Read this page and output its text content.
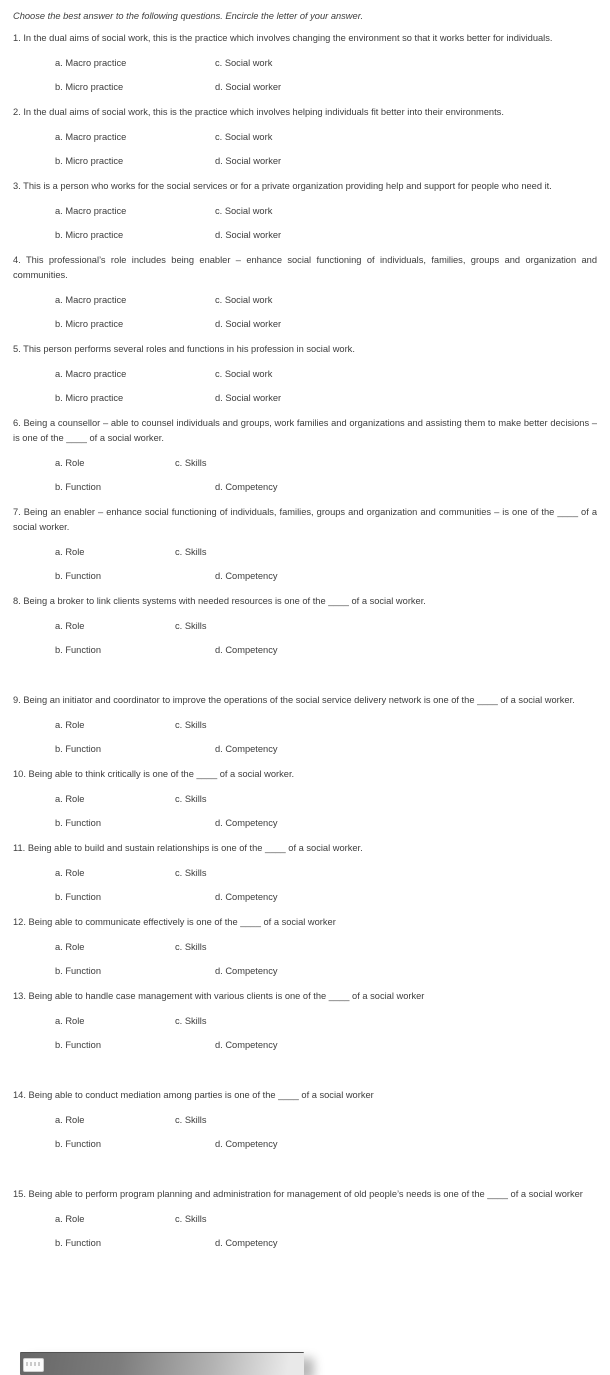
Choose the best answer to the following questions. Encircle the letter of your answer.
1. In the dual aims of social work, this is the practice which involves changing the environment so that it works better for individuals.
a. Macro practice	c. Social work
b. Micro practice	d. Social worker
2. In the dual aims of social work, this is the practice which involves helping individuals fit better into their environments.
a. Macro practice	c. Social work
b. Micro practice	d. Social worker
3. This is a person who works for the social services or for a private organization providing help and support for people who need it.
a. Macro practice	c. Social work
b. Micro practice	d. Social worker
4. This professional’s role includes being enabler – enhance social functioning of individuals, families, groups and organization and communities.
a. Macro practice	c. Social work
b. Micro practice	d. Social worker
5. This person performs several roles and functions in his profession in social work.
a. Macro practice	c. Social work
b. Micro practice	d. Social worker
6. Being a counsellor – able to counsel individuals and groups, work families and organizations and assisting them to make better decisions – is one of the ____ of a social worker.
a. Role	c. Skills
b. Function	d. Competency
7. Being an enabler – enhance social functioning of individuals, families, groups and organization and communities – is one of the ____ of a social worker.
a. Role	c. Skills
b. Function	d. Competency
8. Being a broker to link clients systems with needed resources is one of the ____ of a social worker.
a. Role	c. Skills
b. Function	d. Competency
9. Being an initiator and coordinator to improve the operations of the social service delivery network is one of the ____ of a social worker.
a. Role	c. Skills
b. Function	d. Competency
10. Being able to think critically is one of the ____ of a social worker.
a. Role	c. Skills
b. Function	d. Competency
11. Being able to build and sustain relationships is one of the ____ of a social worker.
a. Role	c. Skills
b. Function	d. Competency
12. Being able to communicate effectively is one of the ____ of a social worker
a. Role	c. Skills
b. Function	d. Competency
13. Being able to handle case management with various clients is one of the ____ of a social worker
a. Role	c. Skills
b. Function	d. Competency
14. Being able to conduct mediation among parties is one of the ____ of a social worker
a. Role	c. Skills
b. Function	d. Competency
15. Being able to perform program planning and administration for management of old people’s needs is one of the ____ of a social worker
a. Role	c. Skills
b. Function	d. Competency
